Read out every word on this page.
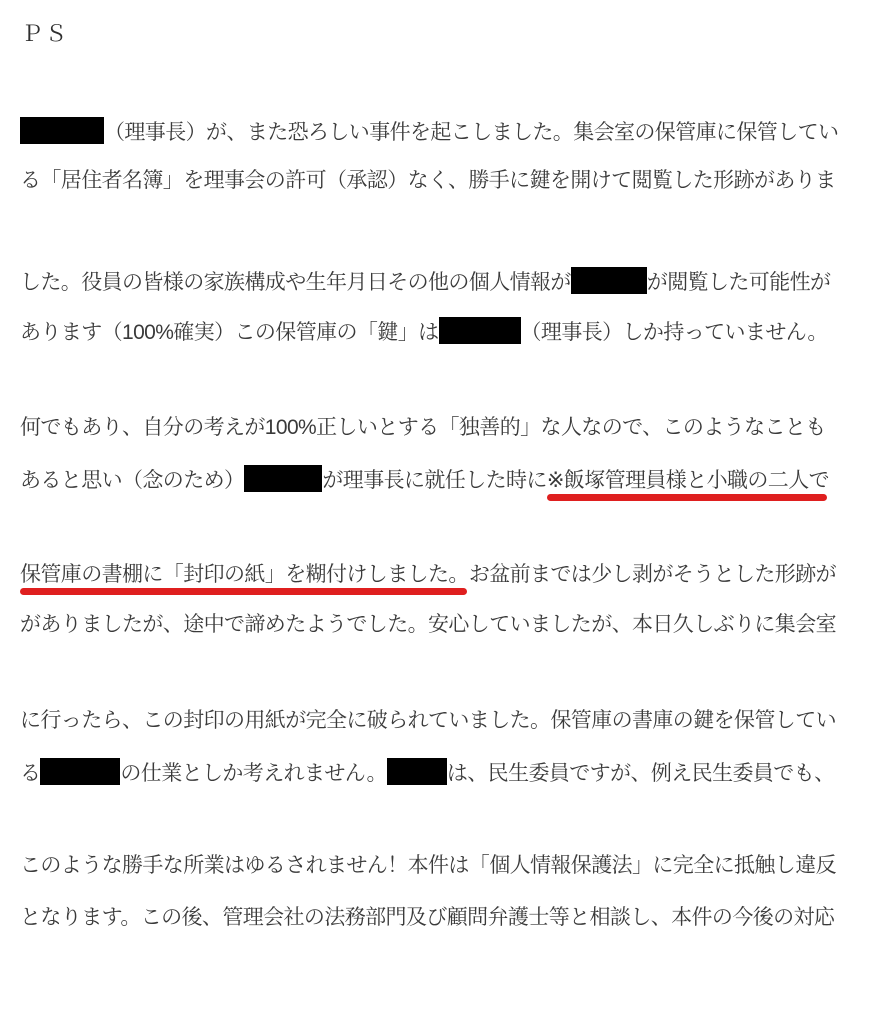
ＰＳ
（理事長）が、また恐ろしい事件を起こしました。集会室の保管庫に保管してい
る「居住者名簿」を理事会の許可（承認）なく、勝手に鍵を開けて閲覧した形跡がありま
した。役員の皆様の家族構成や生年月日その他の個人情報が	が閲覧した可能性が
あります（100%確実）この保管庫の「鍵」は	（理事長）しか持っていません。
何でもあり、自分の考えが100%正しいとする「独善的」な人なので、このようなことも
あると思い（念のため）	が理事長に就任した時に※飯塚管理員様と小職の二人で
保管庫の書棚に「封印の紙」を糊付けしました。お盆前までは少し剥がそうとした形跡が
がありましたが、途中で諦めたようでした。安心していましたが、本日久しぶりに集会室
に行ったら、この封印の用紙が完全に破られていました。保管庫の書庫の鍵を保管してい
る	の仕業としか考えれません。	は、民生委員ですが、例え民生委員でも、
このような勝手な所業はゆるされません！本件は「個人情報保護法」に完全に抵触し違反
となります。この後、管理会社の法務部門及び顧問弁護士等と相談し、本件の今後の対応
